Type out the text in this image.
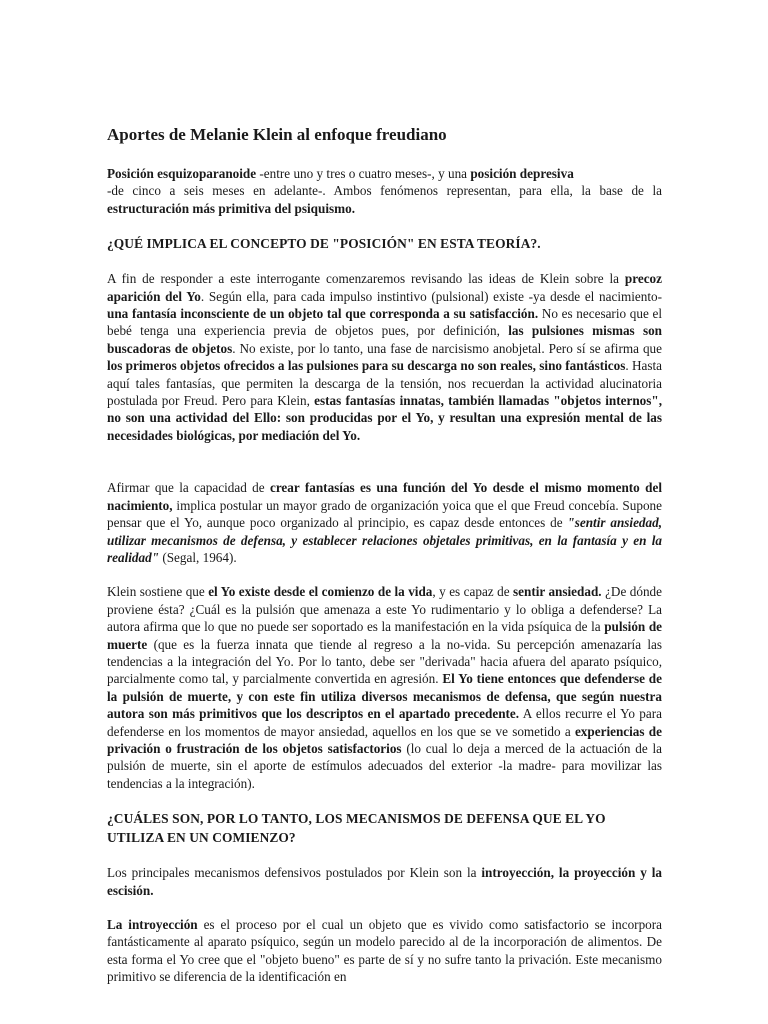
Aportes de Melanie Klein al enfoque freudiano

Posición esquizoparanoide -entre uno y tres o cuatro meses-, y una posición depresiva
-de cinco a seis meses en adelante-. Ambos fenómenos representan, para ella, la base de la estructuración más primitiva del psiquismo.

¿QUÉ IMPLICA EL CONCEPTO DE "POSICIÓN" EN ESTA TEORÍA?.

A fin de responder a este interrogante comenzaremos revisando las ideas de Klein sobre la precoz aparición del Yo. Según ella, para cada impulso instintivo (pulsional) existe -ya desde el nacimiento- una fantasía inconsciente de un objeto tal que corresponda a su satisfacción. No es necesario que el bebé tenga una experiencia previa de objetos pues, por definición, las pulsiones mismas son buscadoras de objetos. No existe, por lo tanto, una fase de narcisismo anobjetal. Pero sí se afirma que los primeros objetos ofrecidos a las pulsiones para su descarga no son reales, sino fantásticos. Hasta aquí tales fantasías, que permiten la descarga de la tensión, nos recuerdan la actividad alucinatoria postulada por Freud. Pero para Klein, estas fantasías innatas, también llamadas "objetos internos", no son una actividad del Ello: son producidas por el Yo, y resultan una expresión mental de las necesidades biológicas, por mediación del Yo.

Afirmar que la capacidad de crear fantasías es una función del Yo desde el mismo momento del nacimiento, implica postular un mayor grado de organización yoica que el que Freud concebía. Supone pensar que el Yo, aunque poco organizado al principio, es capaz desde entonces de "sentir ansiedad, utilizar mecanismos de defensa, y establecer relaciones objetales primitivas, en la fantasía y en la realidad" (Segal, 1964).

Klein sostiene que el Yo existe desde el comienzo de la vida, y es capaz de sentir ansiedad. ¿De dónde proviene ésta? ¿Cuál es la pulsión que amenaza a este Yo rudimentario y lo obliga a defenderse? La autora afirma que lo que no puede ser soportado es la manifestación en la vida psíquica de la pulsión de muerte (que es la fuerza innata que tiende al regreso a la no-vida. Su percepción amenazaría las tendencias a la integración del Yo. Por lo tanto, debe ser "derivada" hacia afuera del aparato psíquico, parcialmente como tal, y parcialmente convertida en agresión. El Yo tiene entonces que defenderse de la pulsión de muerte, y con este fin utiliza diversos mecanismos de defensa, que según nuestra autora son más primitivos que los descriptos en el apartado precedente. A ellos recurre el Yo para defenderse en los momentos de mayor ansiedad, aquellos en los que se ve sometido a experiencias de privación o frustración de los objetos satisfactorios (lo cual lo deja a merced de la actuación de la pulsión de muerte, sin el aporte de estímulos adecuados del exterior -la madre- para movilizar las tendencias a la integración).

¿CUÁLES SON, POR LO TANTO, LOS MECANISMOS DE DEFENSA QUE EL YO UTILIZA EN UN COMIENZO?

Los principales mecanismos defensivos postulados por Klein son la introyección, la proyección y la escisión.

La introyección es el proceso por el cual un objeto que es vivido como satisfactorio se incorpora fantásticamente al aparato psíquico, según un modelo parecido al de la incorporación de alimentos. De esta forma el Yo cree que el "objeto bueno" es parte de sí y no sufre tanto la privación. Este mecanismo primitivo se diferencia de la identificación en
